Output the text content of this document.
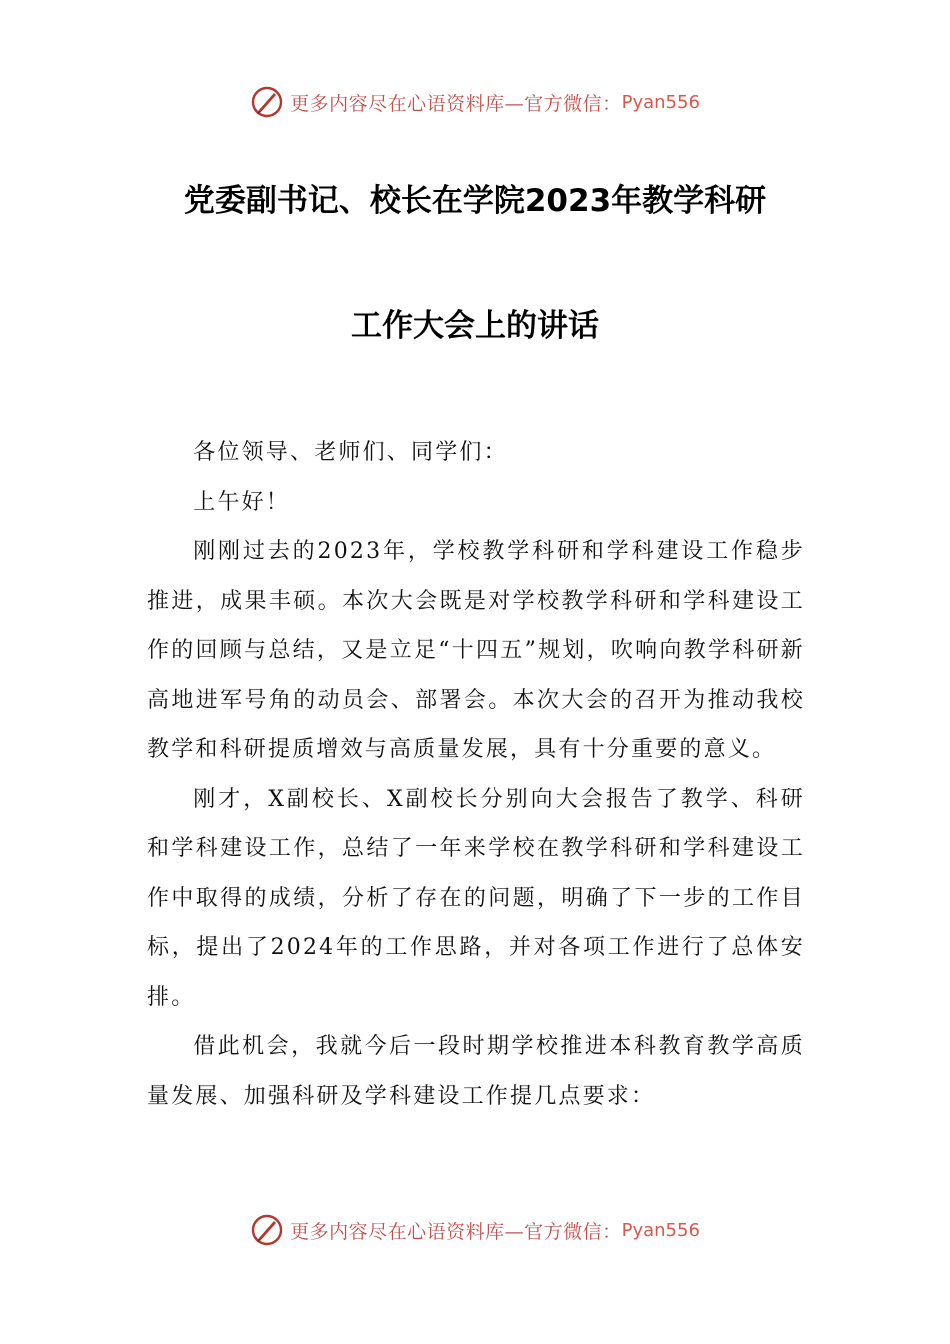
更多内容尽在心语资料库—官方微信： Pyan556
党委副书记、校长在学院2023年教学科研
工作大会上的讲话

各位领导、老师们、同学们：

上午好！

刚刚过去的2023年，学校教学科研和学科建设工作稳步推进，成果丰硕。本次大会既是对学校教学科研和学科建设工作的回顾与总结，又是立足“十四五”规划，吹响向教学科研新高地进军号角的动员会、部署会。本次大会的召开为推动我校教学和科研提质增效与高质量发展，具有十分重要的意义。

刚才，X副校长、X副校长分别向大会报告了教学、科研和学科建设工作，总结了一年来学校在教学科研和学科建设工作中取得的成绩，分析了存在的问题，明确了下一步的工作目标，提出了2024年的工作思路，并对各项工作进行了总体安排。

借此机会，我就今后一段时期学校推进本科教育教学高质量发展、加强科研及学科建设工作提几点要求：

更多内容尽在心语资料库—官方微信： Pyan556
